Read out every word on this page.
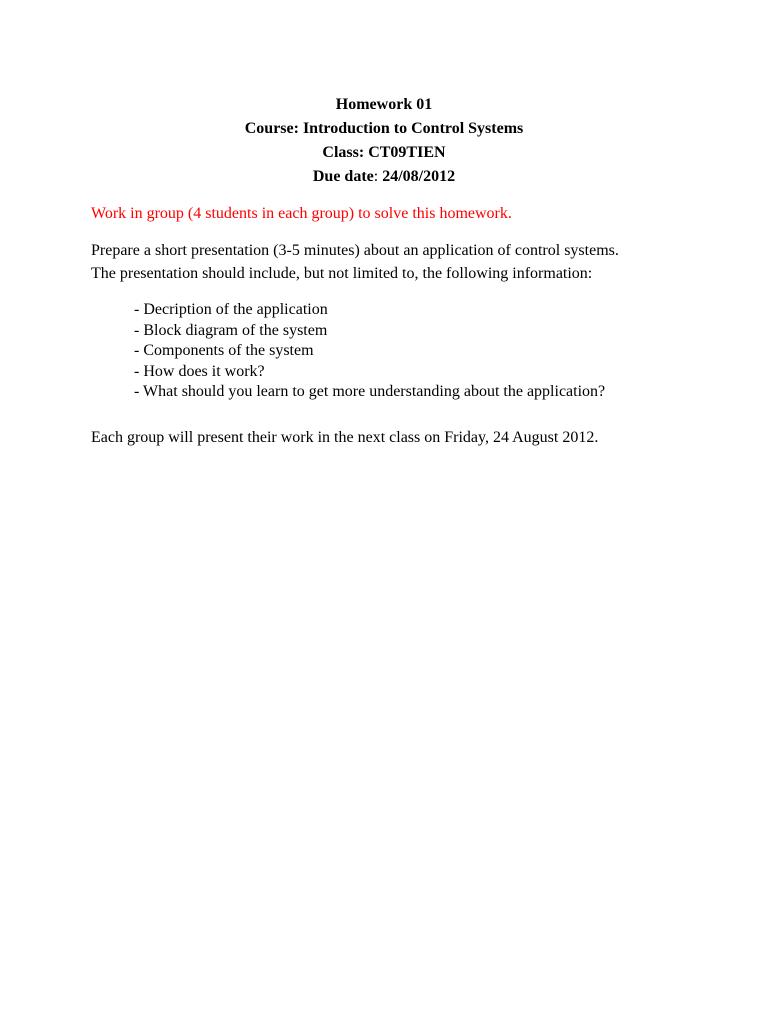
Homework 01
Course: Introduction to Control Systems
Class: CT09TIEN
Due date: 24/08/2012
Work in group (4 students in each group) to solve this homework.
Prepare a short presentation (3-5 minutes) about an application of control systems.
The presentation should include, but not limited to, the following information:
- Decription of the application
- Block diagram of the system
- Components of the system
- How does it work?
- What should you learn to get more understanding about the application?
Each group will present their work in the next class on Friday, 24 August 2012.
